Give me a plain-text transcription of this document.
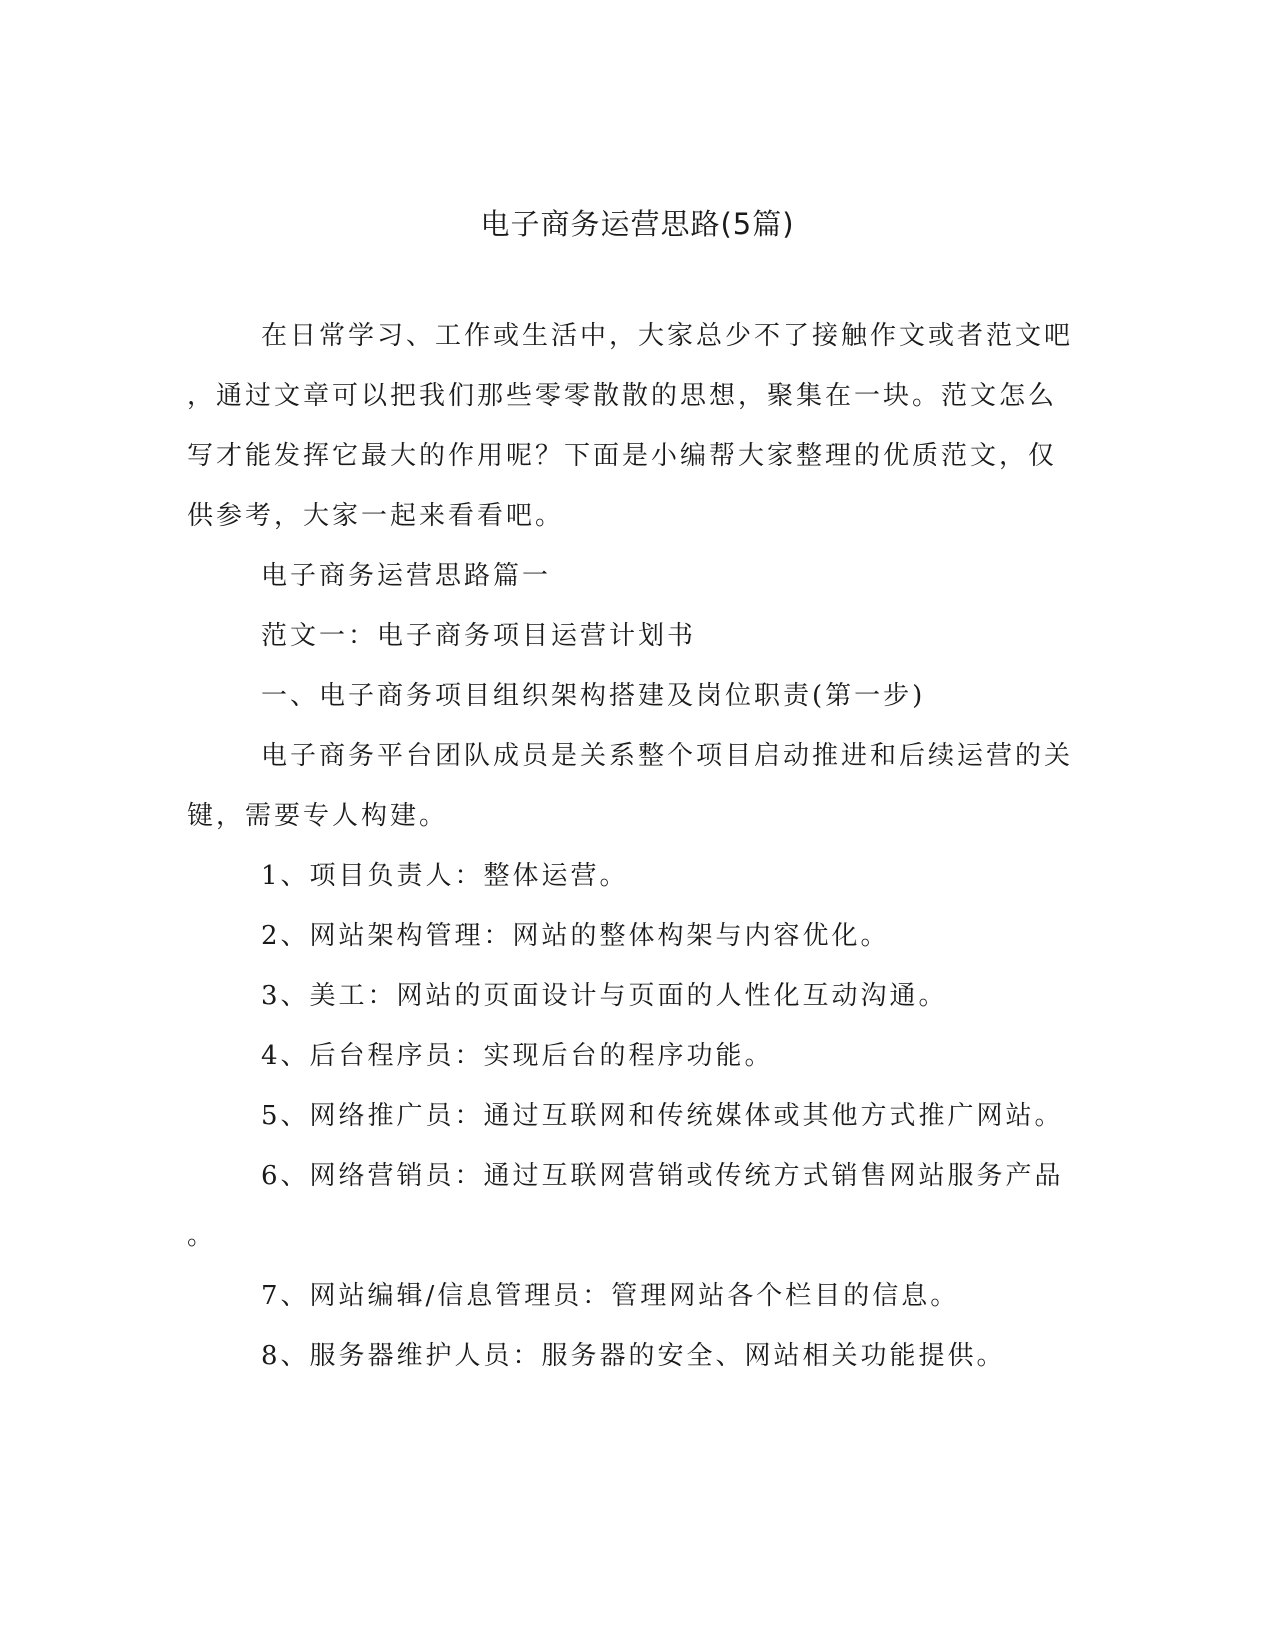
电子商务运营思路(5篇)
在日常学习、工作或生活中，大家总少不了接触作文或者范文吧
，通过文章可以把我们那些零零散散的思想，聚集在一块。范文怎么
写才能发挥它最大的作用呢？下面是小编帮大家整理的优质范文，仅
供参考，大家一起来看看吧。
电子商务运营思路篇一
范文一：电子商务项目运营计划书
一、电子商务项目组织架构搭建及岗位职责(第一步)
电子商务平台团队成员是关系整个项目启动推进和后续运营的关
键，需要专人构建。
1、项目负责人：整体运营。
2、网站架构管理：网站的整体构架与内容优化。
3、美工：网站的页面设计与页面的人性化互动沟通。
4、后台程序员：实现后台的程序功能。
5、网络推广员：通过互联网和传统媒体或其他方式推广网站。
6、网络营销员：通过互联网营销或传统方式销售网站服务产品
。
7、网站编辑/信息管理员：管理网站各个栏目的信息。
8、服务器维护人员：服务器的安全、网站相关功能提供。
